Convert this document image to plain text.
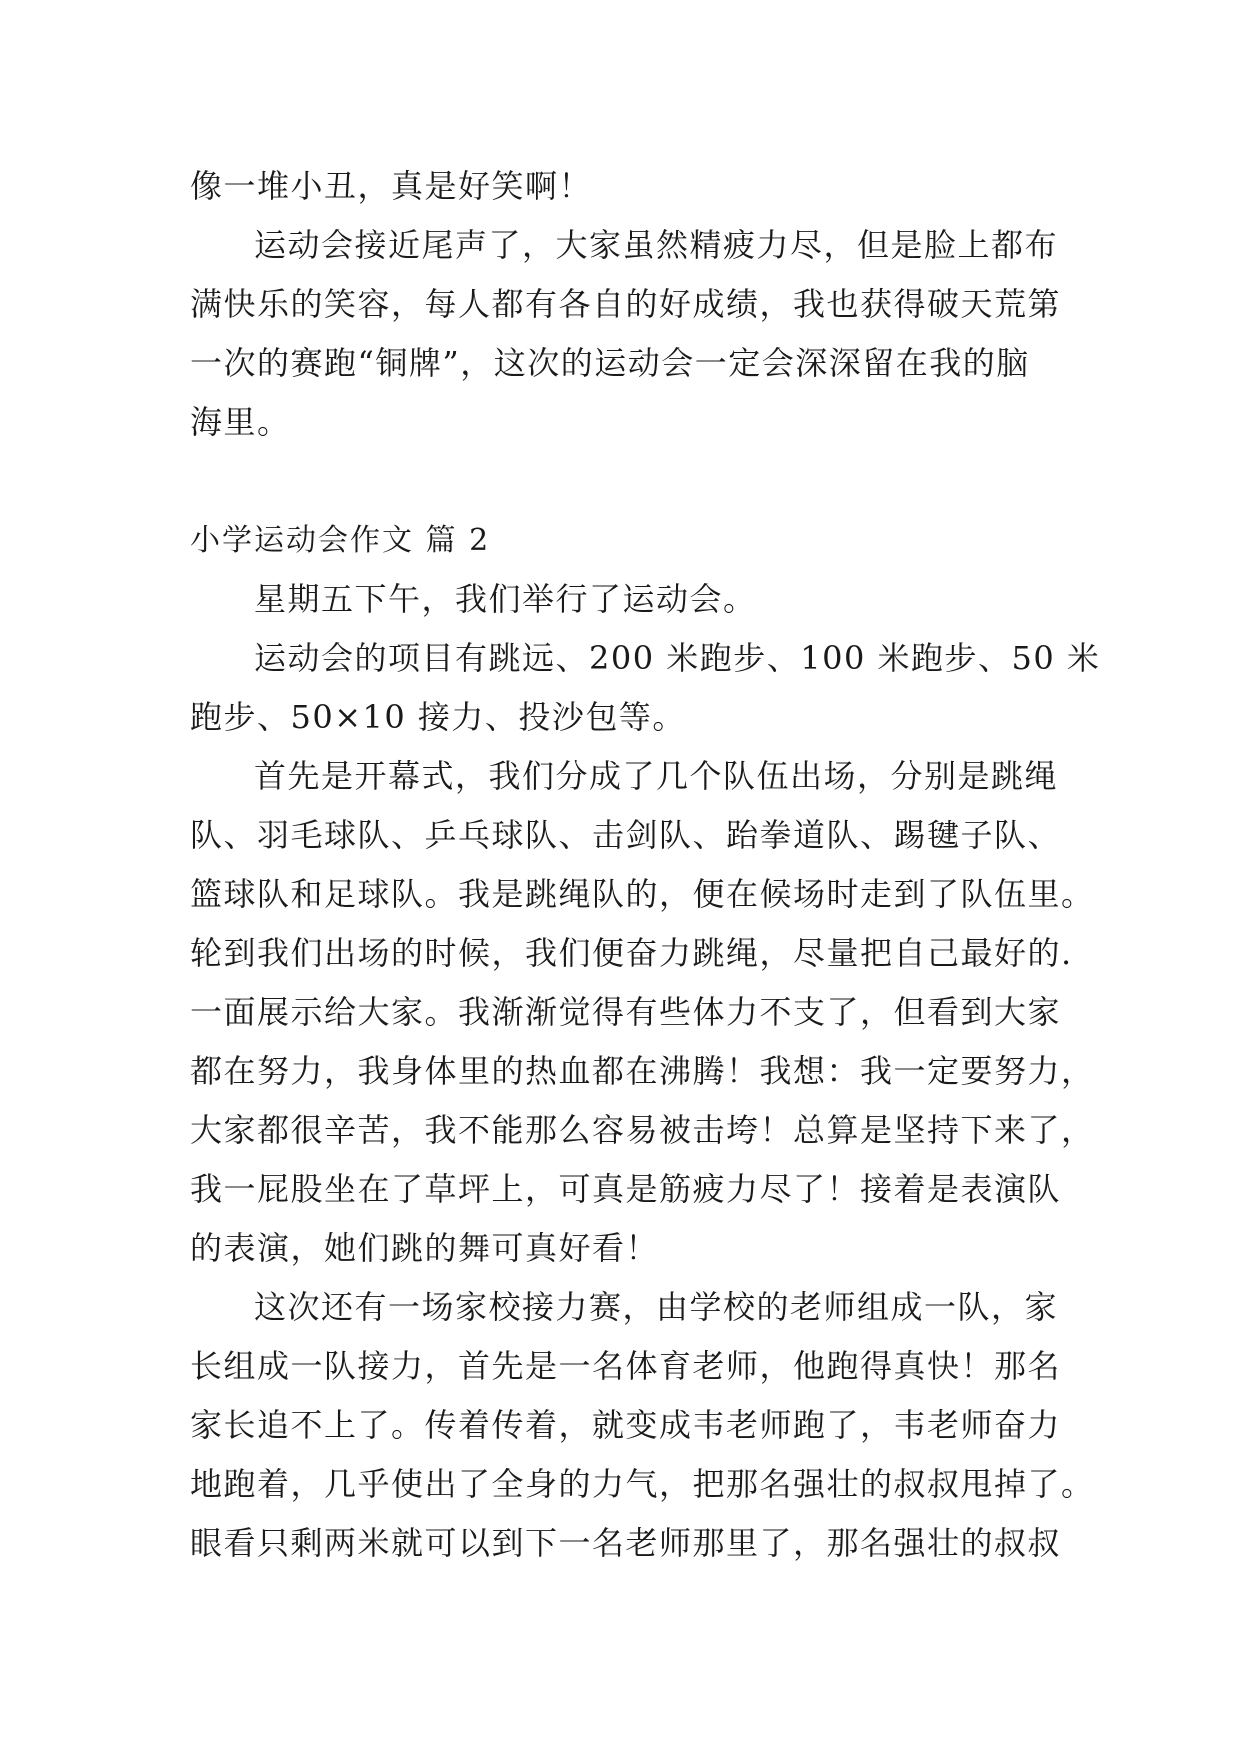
像一堆小丑，真是好笑啊！
运动会接近尾声了，大家虽然精疲力尽，但是脸上都布
满快乐的笑容，每人都有各自的好成绩，我也获得破天荒第
一次的赛跑“铜牌”，这次的运动会一定会深深留在我的脑
海里。
小学运动会作文 篇 2
星期五下午，我们举行了运动会。
运动会的项目有跳远、200 米跑步、100 米跑步、50 米
跑步、50×10 接力、投沙包等。
首先是开幕式，我们分成了几个队伍出场，分别是跳绳
队、羽毛球队、乒乓球队、击剑队、跆拳道队、踢毽子队、
篮球队和足球队。我是跳绳队的，便在候场时走到了队伍里。
轮到我们出场的时候，我们便奋力跳绳，尽量把自己最好的.
一面展示给大家。我渐渐觉得有些体力不支了，但看到大家
都在努力，我身体里的热血都在沸腾！我想：我一定要努力，
大家都很辛苦，我不能那么容易被击垮！总算是坚持下来了，
我一屁股坐在了草坪上，可真是筋疲力尽了！接着是表演队
的表演，她们跳的舞可真好看！
这次还有一场家校接力赛，由学校的老师组成一队，家
长组成一队接力，首先是一名体育老师，他跑得真快！那名
家长追不上了。传着传着，就变成韦老师跑了，韦老师奋力
地跑着，几乎使出了全身的力气，把那名强壮的叔叔甩掉了。
眼看只剩两米就可以到下一名老师那里了，那名强壮的叔叔
